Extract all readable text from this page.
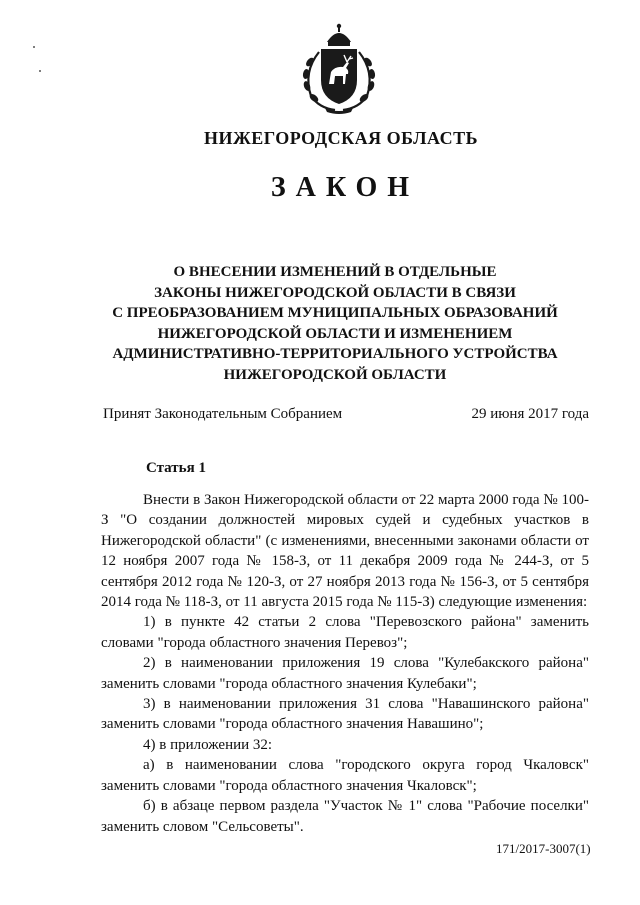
НИЖЕГОРОДСКАЯ ОБЛАСТЬ
ЗАКОН
О ВНЕСЕНИИ ИЗМЕНЕНИЙ В ОТДЕЛЬНЫЕ
ЗАКОНЫ НИЖЕГОРОДСКОЙ ОБЛАСТИ В СВЯЗИ
С ПРЕОБРАЗОВАНИЕМ МУНИЦИПАЛЬНЫХ ОБРАЗОВАНИЙ
НИЖЕГОРОДСКОЙ ОБЛАСТИ И ИЗМЕНЕНИЕМ
АДМИНИСТРАТИВНО-ТЕРРИТОРИАЛЬНОГО УСТРОЙСТВА
НИЖЕГОРОДСКОЙ ОБЛАСТИ
Принят Законодательным Собранием	29 июня 2017 года
Статья 1
Внести в Закон Нижегородской области от 22 марта 2000 года № 100-З "О создании должностей мировых судей и судебных участков в Нижегородской области" (с изменениями, внесенными законами области от 12 ноября 2007 года № 158-З, от 11 декабря 2009 года № 244-З, от 5 сентября 2012 года № 120-З, от 27 ноября 2013 года № 156-З, от 5 сентября 2014 года № 118-З, от 11 августа 2015 года № 115-З) следующие изменения:
1) в пункте 42 статьи 2 слова "Перевозского района" заменить словами "города областного значения Перевоз";
2) в наименовании приложения 19 слова "Кулебакского района" заменить словами "города областного значения Кулебаки";
3) в наименовании приложения 31 слова "Навашинского района" заменить словами "города областного значения Навашино";
4) в приложении 32:
а) в наименовании слова "городского округа город Чкаловск" заменить словами "города областного значения Чкаловск";
б) в абзаце первом раздела "Участок № 1" слова "Рабочие поселки" заменить словом "Сельсоветы".
171/2017-3007(1)
